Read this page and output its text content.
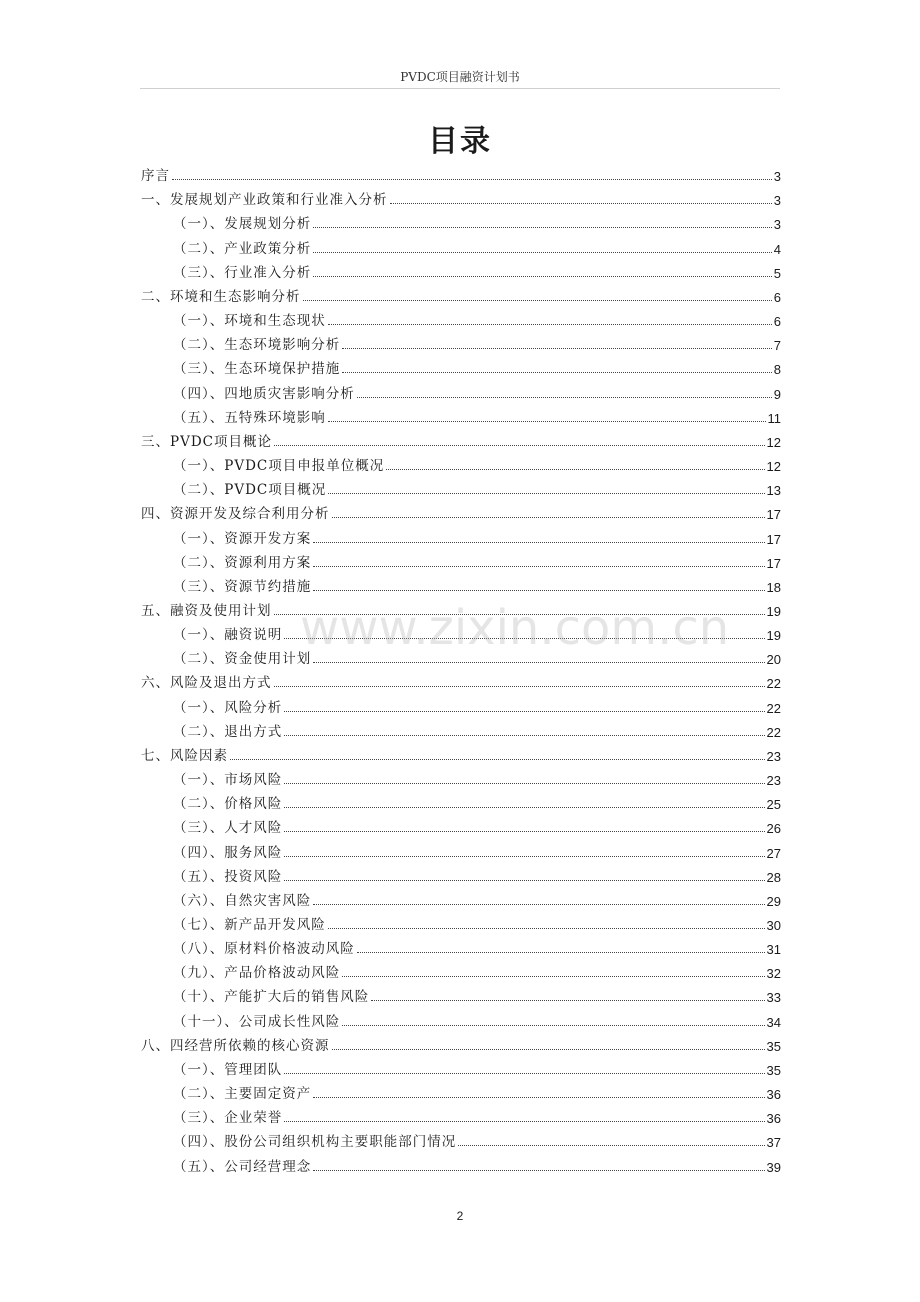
PVDC项目融资计划书
目录
序言	3
一、发展规划产业政策和行业准入分析	3
（一）、发展规划分析	3
（二）、产业政策分析	4
（三）、行业准入分析	5
二、环境和生态影响分析	6
（一）、环境和生态现状	6
（二）、生态环境影响分析	7
（三）、生态环境保护措施	8
（四）、四地质灾害影响分析	9
（五）、五特殊环境影响	11
三、PVDC项目概论	12
（一）、PVDC项目申报单位概况	12
（二）、PVDC项目概况	13
四、资源开发及综合利用分析	17
（一）、资源开发方案	17
（二）、资源利用方案	17
（三）、资源节约措施	18
五、融资及使用计划	19
（一）、融资说明	19
（二）、资金使用计划	20
六、风险及退出方式	22
（一）、风险分析	22
（二）、退出方式	22
七、风险因素	23
（一）、市场风险	23
（二）、价格风险	25
（三）、人才风险	26
（四）、服务风险	27
（五）、投资风险	28
（六）、自然灾害风险	29
（七）、新产品开发风险	30
（八）、原材料价格波动风险	31
（九）、产品价格波动风险	32
（十）、产能扩大后的销售风险	33
（十一）、公司成长性风险	34
八、四经营所依赖的核心资源	35
（一）、管理团队	35
（二）、主要固定资产	36
（三）、企业荣誉	36
（四）、股份公司组织机构主要职能部门情况	37
（五）、公司经营理念	39
www.zixin.com.cn
2
